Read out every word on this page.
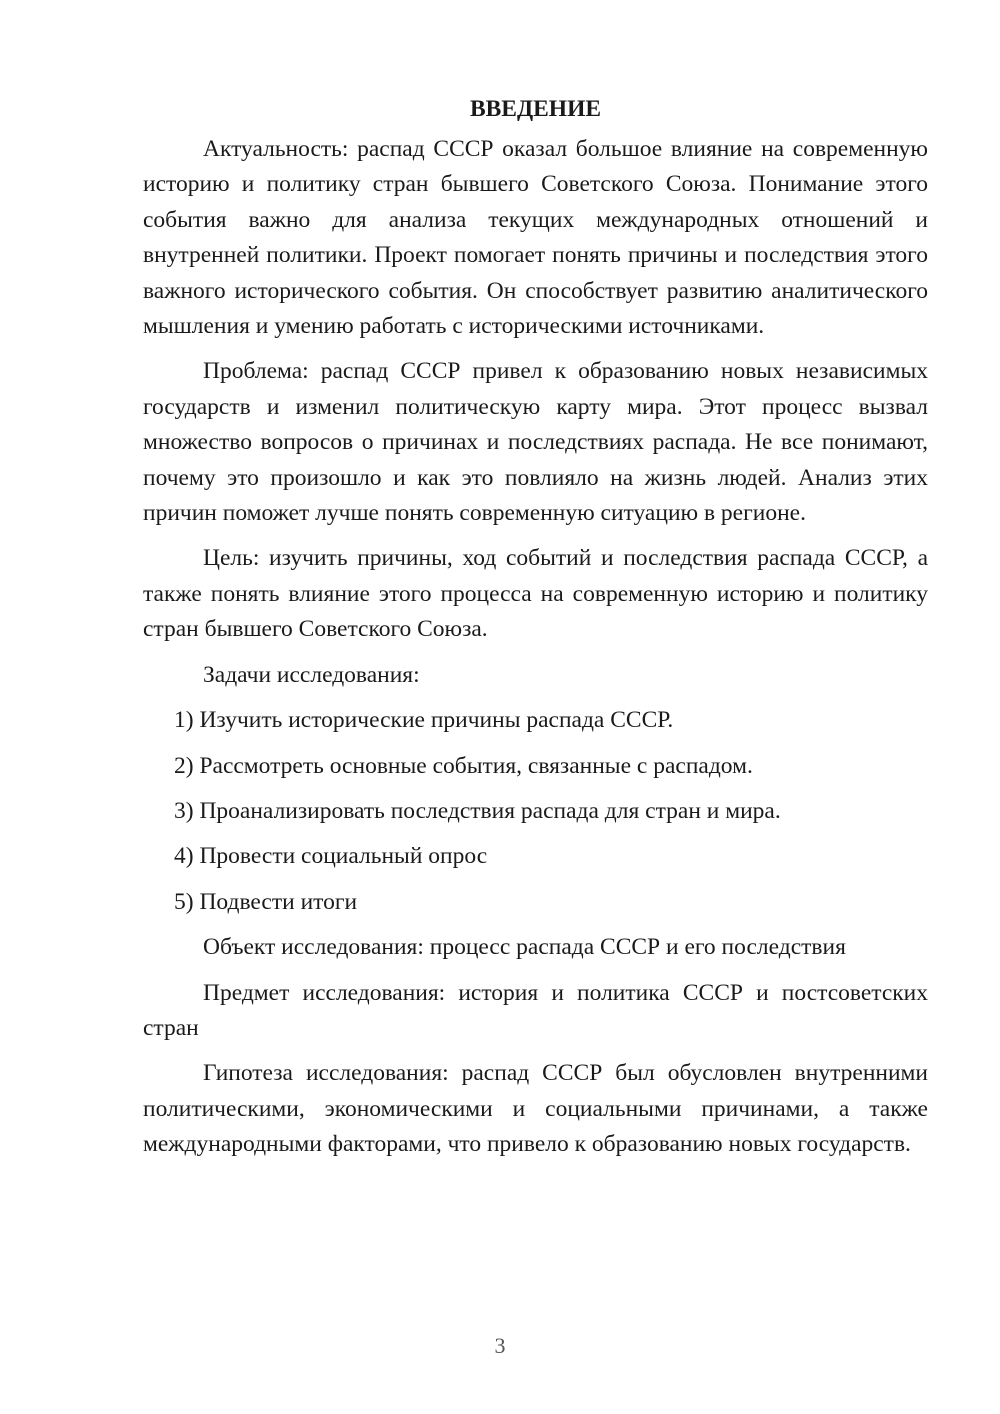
ВВЕДЕНИЕ

Актуальность: распад СССР оказал большое влияние на современную историю и политику стран бывшего Советского Союза. Понимание этого события важно для анализа текущих международных отношений и внутренней политики. Проект помогает понять причины и последствия этого важного исторического события. Он способствует развитию аналитического мышления и умению работать с историческими источниками.

Проблема: распад СССР привел к образованию новых независимых государств и изменил политическую карту мира. Этот процесс вызвал множество вопросов о причинах и последствиях распада. Не все понимают, почему это произошло и как это повлияло на жизнь людей. Анализ этих причин поможет лучше понять современную ситуацию в регионе.

Цель: изучить причины, ход событий и последствия распада СССР, а также понять влияние этого процесса на современную историю и политику стран бывшего Советского Союза.

Задачи исследования:

1) Изучить исторические причины распада СССР.
2) Рассмотреть основные события, связанные с распадом.
3) Проанализировать последствия распада для стран и мира.
4) Провести социальный опрос
5) Подвести итоги

Объект исследования: процесс распада СССР и его последствия

Предмет исследования: история и политика СССР и постсоветских стран

Гипотеза исследования: распад СССР был обусловлен внутренними политическими, экономическими и социальными причинами, а также международными факторами, что привело к образованию новых государств.

3
